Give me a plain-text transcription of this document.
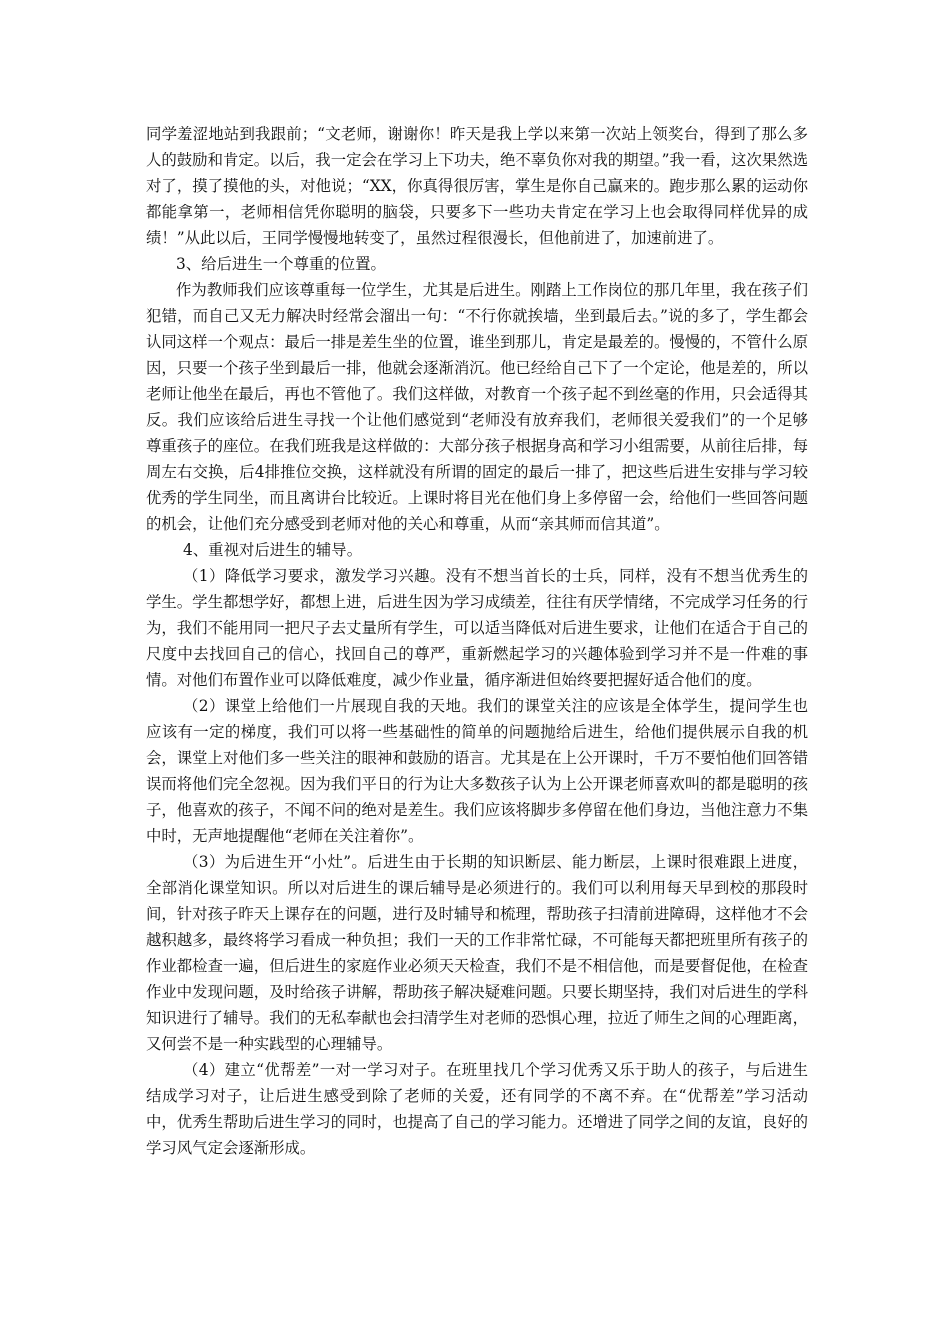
同学羞涩地站到我跟前；“文老师，谢谢你！昨天是我上学以来第一次站上领奖台，得到了那么多人的鼓励和肯定。以后，我一定会在学习上下功夫，绝不辜负你对我的期望。”我一看，这次果然选对了，摸了摸他的头，对他说；“XX，你真得很厉害，掌生是你自己赢来的。跑步那么累的运动你都能拿第一，老师相信凭你聪明的脑袋，只要多下一些功夫肯定在学习上也会取得同样优异的成绩！”从此以后，王同学慢慢地转变了，虽然过程很漫长，但他前进了，加速前进了。

3、给后进生一个尊重的位置。

作为教师我们应该尊重每一位学生，尤其是后进生。刚踏上工作岗位的那几年里，我在孩子们犯错，而自己又无力解决时经常会溜出一句：“不行你就挨墙，坐到最后去。”说的多了，学生都会认同这样一个观点：最后一排是差生坐的位置，谁坐到那儿，肯定是最差的。慢慢的，不管什么原因，只要一个孩子坐到最后一排，他就会逐渐消沉。他已经给自己下了一个定论，他是差的，所以老师让他坐在最后，再也不管他了。我们这样做，对教育一个孩子起不到丝毫的作用，只会适得其反。我们应该给后进生寻找一个让他们感觉到“老师没有放弃我们，老师很关爱我们”的一个足够尊重孩子的座位。在我们班我是这样做的：大部分孩子根据身高和学习小组需要，从前往后排，每周左右交换，后4排推位交换，这样就没有所谓的固定的最后一排了，把这些后进生安排与学习较优秀的学生同坐，而且离讲台比较近。上课时将目光在他们身上多停留一会，给他们一些回答问题的机会，让他们充分感受到老师对他的关心和尊重，从而“亲其师而信其道”。

4、重视对后进生的辅导。

（1）降低学习要求，激发学习兴趣。没有不想当首长的士兵，同样，没有不想当优秀生的学生。学生都想学好，都想上进，后进生因为学习成绩差，往往有厌学情绪，不完成学习任务的行为，我们不能用同一把尺子去丈量所有学生，可以适当降低对后进生要求，让他们在适合于自己的尺度中去找回自己的信心，找回自己的尊严，重新燃起学习的兴趣体验到学习并不是一件难的事情。对他们布置作业可以降低难度，减少作业量，循序渐进但始终要把握好适合他们的度。

（2）课堂上给他们一片展现自我的天地。我们的课堂关注的应该是全体学生，提问学生也应该有一定的梯度，我们可以将一些基础性的简单的问题抛给后进生，给他们提供展示自我的机会，课堂上对他们多一些关注的眼神和鼓励的语言。尤其是在上公开课时，千万不要怕他们回答错误而将他们完全忽视。因为我们平日的行为让大多数孩子认为上公开课老师喜欢叫的都是聪明的孩子，他喜欢的孩子，不闻不问的绝对是差生。我们应该将脚步多停留在他们身边，当他注意力不集中时，无声地提醒他“老师在关注着你”。

（3）为后进生开“小灶”。后进生由于长期的知识断层、能力断层，上课时很难跟上进度，全部消化课堂知识。所以对后进生的课后辅导是必须进行的。我们可以利用每天早到校的那段时间，针对孩子昨天上课存在的问题，进行及时辅导和梳理，帮助孩子扫清前进障碍，这样他才不会越积越多，最终将学习看成一种负担；我们一天的工作非常忙碌，不可能每天都把班里所有孩子的作业都检查一遍，但后进生的家庭作业必须天天检查，我们不是不相信他，而是要督促他，在检查作业中发现问题，及时给孩子讲解，帮助孩子解决疑难问题。只要长期坚持，我们对后进生的学科知识进行了辅导。我们的无私奉献也会扫清学生对老师的恐惧心理，拉近了师生之间的心理距离，又何尝不是一种实践型的心理辅导。

（4）建立“优帮差”一对一学习对子。在班里找几个学习优秀又乐于助人的孩子，与后进生结成学习对子，让后进生感受到除了老师的关爱，还有同学的不离不弃。在“优帮差”学习活动中，优秀生帮助后进生学习的同时，也提高了自己的学习能力。还增进了同学之间的友谊，良好的学习风气定会逐渐形成。
